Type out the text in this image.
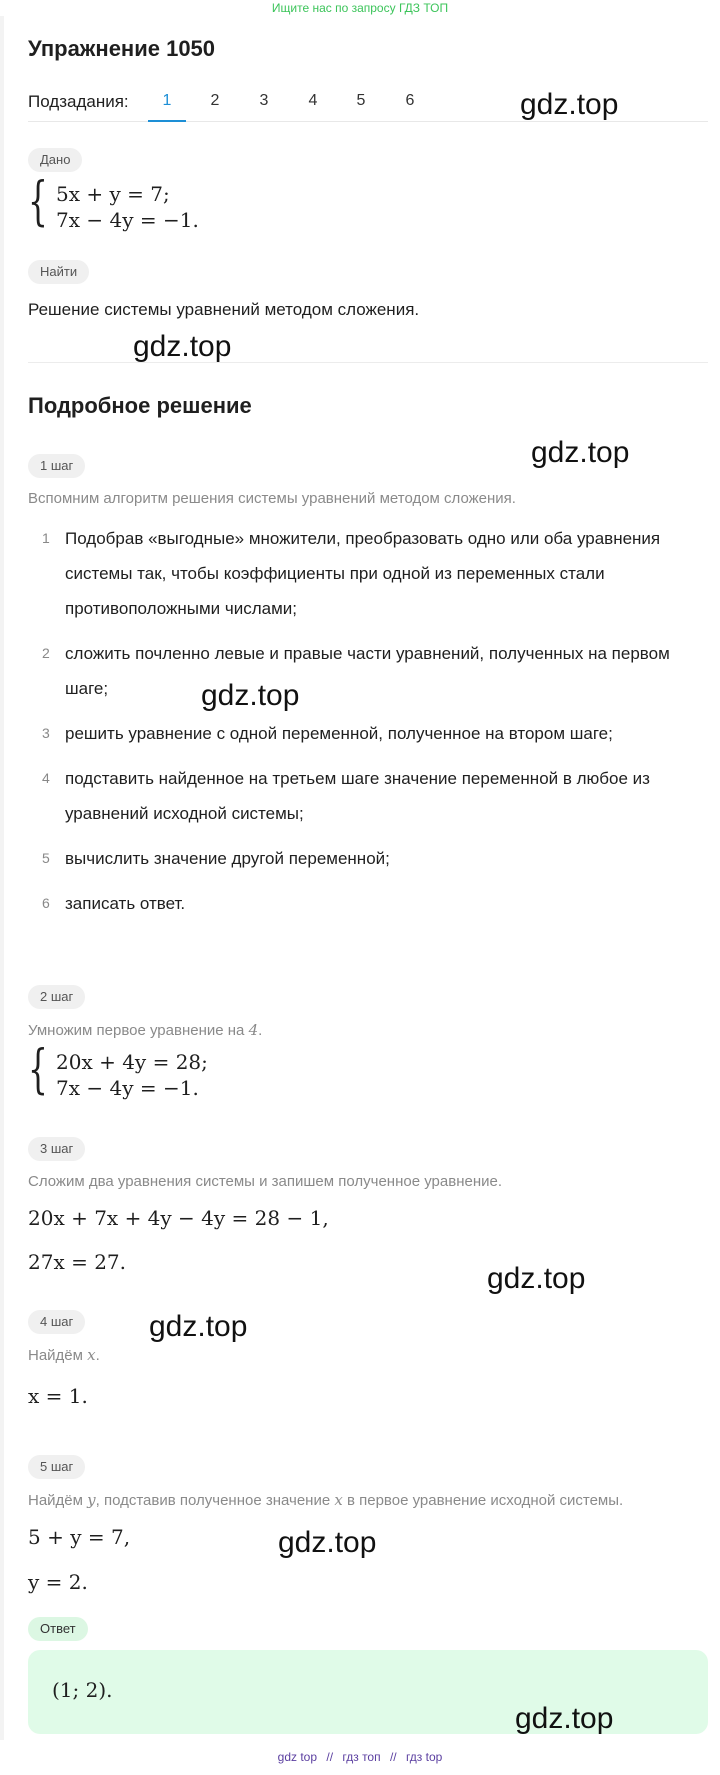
Ищите нас по запросу ГДЗ ТОП
Упражнение 1050
Подзадания:	1	2	3	4	5	6
Дано
{ 5x + y = 7;
7x − 4y = −1.
Найти
Решение системы уравнений методом сложения.
Подробное решение
1 шаг
Вспомним алгоритм решения системы уравнений методом сложения.
1 Подобрав «выгодные» множители, преобразовать одно или оба уравнения системы так, чтобы коэффициенты при одной из переменных стали противоположными числами;
2 сложить почленно левые и правые части уравнений, полученных на первом шаге;
3 решить уравнение с одной переменной, полученное на втором шаге;
4 подставить найденное на третьем шаге значение переменной в любое из уравнений исходной системы;
5 вычислить значение другой переменной;
6 записать ответ.
2 шаг
Умножим первое уравнение на 4.
{ 20x + 4y = 28;
7x − 4y = −1.
3 шаг
Сложим два уравнения системы и запишем полученное уравнение.
20x + 7x + 4y − 4y = 28 − 1,
27x = 27.
4 шаг
Найдём x.
x = 1.
5 шаг
Найдём y, подставив полученное значение x в первое уравнение исходной системы.
5 + y = 7,
y = 2.
Ответ
(1; 2).
gdz.top
gdz.top
gdz.top
gdz.top
gdz.top
gdz.top
gdz.top
gdz.top
gdz top // гдз топ // гдз top
